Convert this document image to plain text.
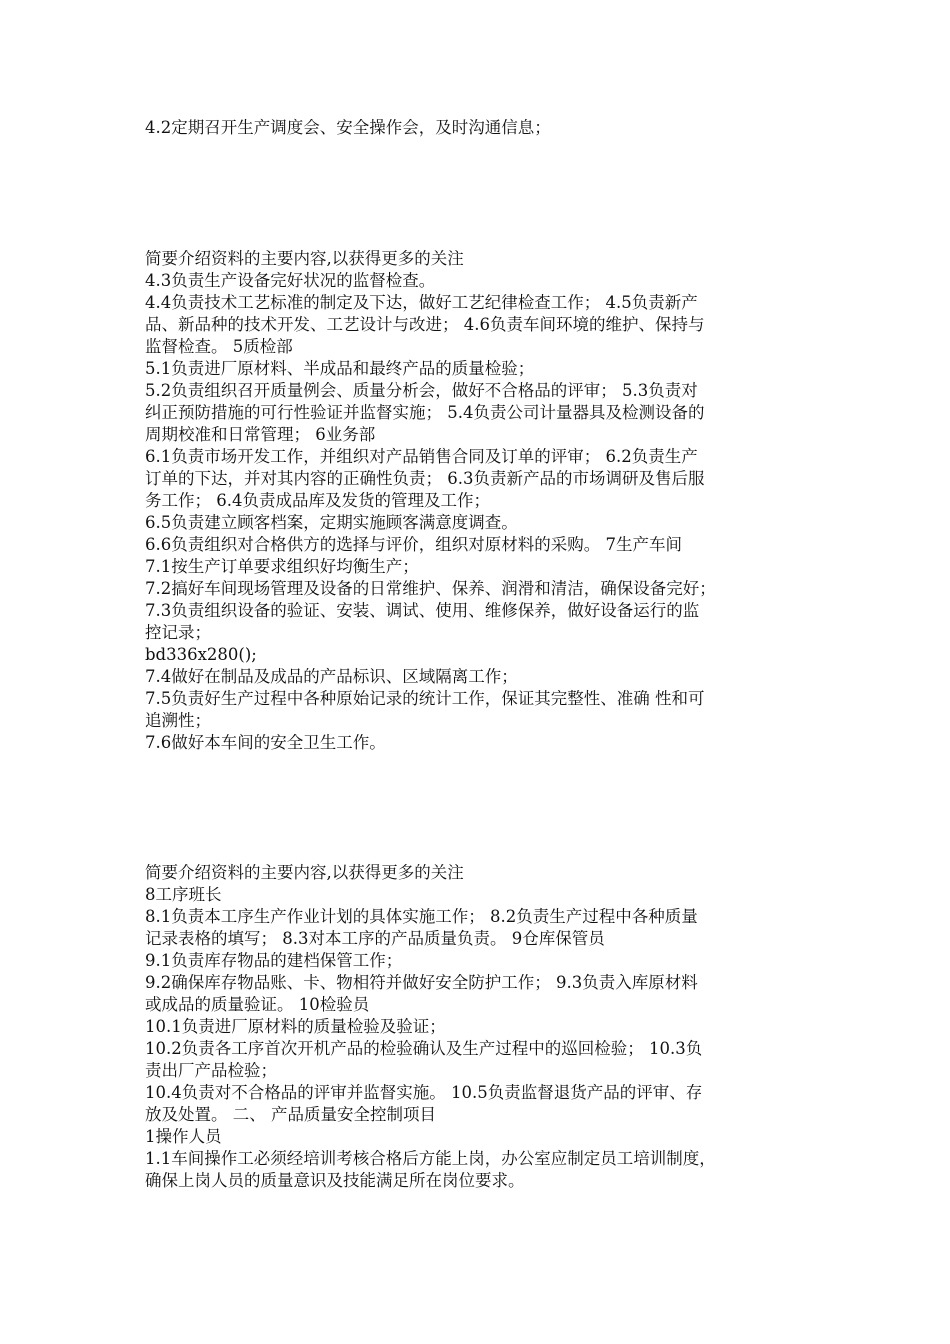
4.2定期召开生产调度会、安全操作会，及时沟通信息；
简要介绍资料的主要内容,以获得更多的关注
4.3负责生产设备完好状况的监督检查。
4.4负责技术工艺标准的制定及下达，做好工艺纪律检查工作； 4.5负责新产
品、新品种的技术开发、工艺设计与改进； 4.6负责车间环境的维护、保持与
监督检查。 5质检部
5.1负责进厂原材料、半成品和最终产品的质量检验；
5.2负责组织召开质量例会、质量分析会，做好不合格品的评审； 5.3负责对
纠正预防措施的可行性验证并监督实施； 5.4负责公司计量器具及检测设备的
周期校准和日常管理； 6业务部
6.1负责市场开发工作，并组织对产品销售合同及订单的评审； 6.2负责生产
订单的下达，并对其内容的正确性负责； 6.3负责新产品的市场调研及售后服
务工作； 6.4负责成品库及发货的管理及工作；
6.5负责建立顾客档案，定期实施顾客满意度调查。
6.6负责组织对合格供方的选择与评价，组织对原材料的采购。 7生产车间
7.1按生产订单要求组织好均衡生产；
7.2搞好车间现场管理及设备的日常维护、保养、润滑和清洁，确保设备完好；
7.3负责组织设备的验证、安装、调试、使用、维修保养，做好设备运行的监
控记录；
bd336x280();
7.4做好在制品及成品的产品标识、区域隔离工作；
7.5负责好生产过程中各种原始记录的统计工作，保证其完整性、准确 性和可
追溯性；
7.6做好本车间的安全卫生工作。
简要介绍资料的主要内容,以获得更多的关注
8工序班长
8.1负责本工序生产作业计划的具体实施工作； 8.2负责生产过程中各种质量
记录表格的填写； 8.3对本工序的产品质量负责。 9仓库保管员
9.1负责库存物品的建档保管工作；
9.2确保库存物品账、卡、物相符并做好安全防护工作； 9.3负责入库原材料
或成品的质量验证。 10检验员
10.1负责进厂原材料的质量检验及验证；
10.2负责各工序首次开机产品的检验确认及生产过程中的巡回检验； 10.3负
责出厂产品检验；
10.4负责对不合格品的评审并监督实施。 10.5负责监督退货产品的评审、存
放及处置。 二、 产品质量安全控制项目
1操作人员
1.1车间操作工必须经培训考核合格后方能上岗，办公室应制定员工培训制度，
确保上岗人员的质量意识及技能满足所在岗位要求。
